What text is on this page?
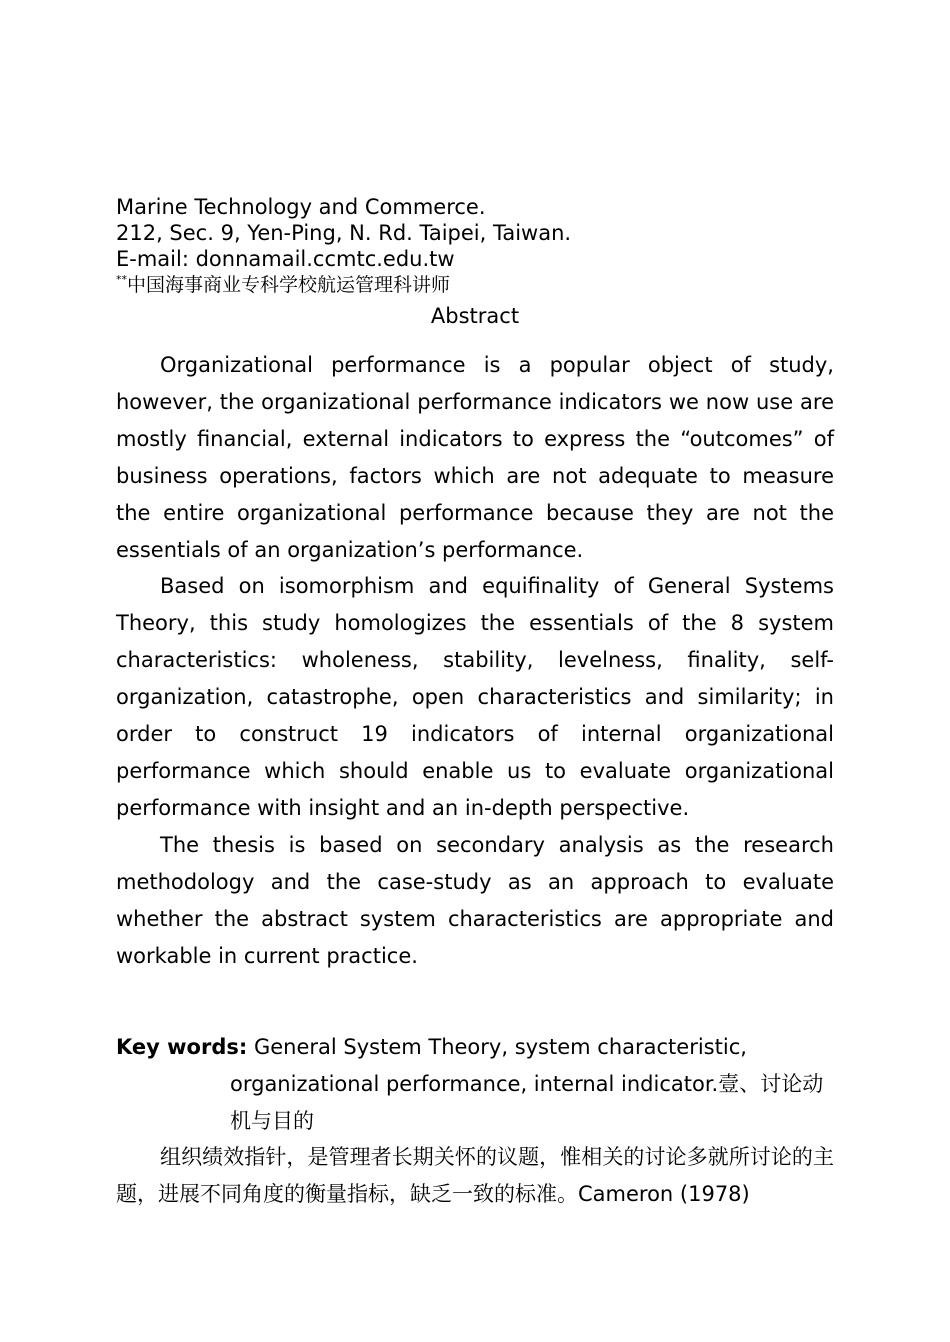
Marine Technology and Commerce.
212, Sec. 9, Yen-Ping, N. Rd. Taipei, Taiwan.
E-mail: donnamail.ccmtc.edu.tw
**中国海事商业专科学校航运管理科讲师
Abstract

Organizational performance is a popular object of study, however, the organizational performance indicators we now use are mostly financial, external indicators to express the “outcomes” of business operations, factors which are not adequate to measure the entire organizational performance because they are not the essentials of an organization’s performance.

Based on isomorphism and equifinality of General Systems Theory, this study homologizes the essentials of the 8 system characteristics: wholeness, stability, levelness, finality, self-organization, catastrophe, open characteristics and similarity; in order to construct 19 indicators of internal organizational performance which should enable us to evaluate organizational performance with insight and an in-depth perspective.

The thesis is based on secondary analysis as the research methodology and the case-study as an approach to evaluate whether the abstract system characteristics are appropriate and workable in current practice.

Key words: General System Theory, system characteristic, organizational performance, internal indicator.壹、讨论动机与目的

组织绩效指针，是管理者长期关怀的议题，惟相关的讨论多就所讨论的主题，进展不同角度的衡量指标，缺乏一致的标准。Cameron (1978)
